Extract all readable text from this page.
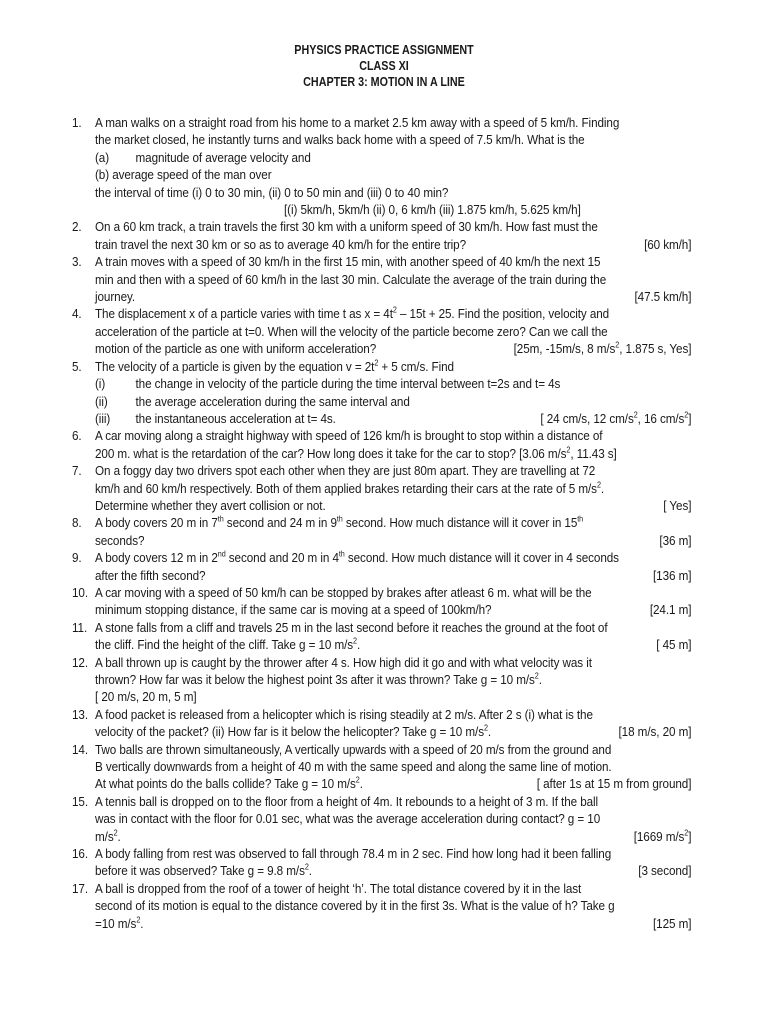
PHYSICS PRACTICE ASSIGNMENT
CLASS XI
CHAPTER 3: MOTION IN A LINE
1.	A man walks on a straight road from his home to a market 2.5 km away with a speed of 5 km/h. Finding
the market closed, he instantly turns and walks back home with a speed of 7.5 km/h. What is the
(a) magnitude of average velocity and
(b) average speed of the man over
the interval of time (i) 0 to 30 min, (ii) 0 to 50 min and (iii) 0 to 40 min?
[(i) 5km/h, 5km/h (ii) 0, 6 km/h (iii) 1.875 km/h, 5.625 km/h]
2.	On a 60 km track, a train travels the first 30 km with a uniform speed of 30 km/h. How fast must the
train travel the next 30 km or so as to average 40 km/h for the entire trip?	[60 km/h]
3.	A train moves with a speed of 30 km/h in the first 15 min, with another speed of 40 km/h the next 15
min and then with a speed of 60 km/h in the last 30 min. Calculate the average of the train during the
journey.	[47.5 km/h]
4.	The displacement x of a particle varies with time t as $x = 4t^2 - 15t + 25$. Find the position, velocity and
acceleration of the particle at t=0. When will the velocity of the particle become zero? Can we call the
motion of the particle as one with uniform acceleration?	[25m, -15m/s, 8 $m/s^2$, 1.875 s, Yes]
5.	The velocity of a particle is given by the equation $v = 2t^2 + 5$ cm/s. Find
(i) the change in velocity of the particle during the time interval between t=2s and t= 4s
(ii) the average acceleration during the same interval and
(iii) the instantaneous acceleration at t= 4s.	[ 24 cm/s, 12 $cm/s^2$, 16 $cm/s^2$]
6.	A car moving along a straight highway with speed of 126 km/h is brought to stop within a distance of
200 m. what is the retardation of the car? How long does it take for the car to stop? [3.06 $m/s^2$, 11.43 s]
7.	On a foggy day two drivers spot each other when they are just 80m apart. They are travelling at 72
km/h and 60 km/h respectively. Both of them applied brakes retarding their cars at the rate of 5 $m/s^2$.
Determine whether they avert collision or not.	[ Yes]
8.	A body covers 20 m in 7th second and 24 m in 9th second. How much distance will it cover in 15th
seconds?	[36 m]
9.	A body covers 12 m in 2nd second and 20 m in 4th second. How much distance will it cover in 4 seconds
after the fifth second?	[136 m]
10. A car moving with a speed of 50 km/h can be stopped by brakes after atleast 6 m. what will be the
minimum stopping distance, if the same car is moving at a speed of 100km/h?	[24.1 m]
11. A stone falls from a cliff and travels 25 m in the last second before it reaches the ground at the foot of
the cliff. Find the height of the cliff. Take g = 10 $m/s^2$.	[ 45 m]
12. A ball thrown up is caught by the thrower after 4 s. How high did it go and with what velocity was it
thrown? How far was it below the highest point 3s after it was thrown? Take g = 10 $m/s^2$.
[ 20 m/s, 20 m, 5 m]
13. A food packet is released from a helicopter which is rising steadily at 2 m/s. After 2 s (i) what is the
velocity of the packet? (ii) How far is it below the helicopter? Take g = 10 $m/s^2$.	[18 m/s, 20 m]
14. Two balls are thrown simultaneously, A vertically upwards with a speed of 20 m/s from the ground and
B vertically downwards from a height of 40 m with the same speed and along the same line of motion.
At what points do the balls collide? Take g = 10 $m/s^2$.	[ after 1s at 15 m from ground]
15. A tennis ball is dropped on to the floor from a height of 4m. It rebounds to a height of 3 m. If the ball
was in contact with the floor for 0.01 sec, what was the average acceleration during contact? g = 10
$m/s^2$.	[1669 $m/s^2$]
16. A body falling from rest was observed to fall through 78.4 m in 2 sec. Find how long had it been falling
before it was observed? Take g = 9.8 $m/s^2$.	[3 second]
17. A ball is dropped from the roof of a tower of height ‘h’. The total distance covered by it in the last
second of its motion is equal to the distance covered by it in the first 3s. What is the value of h? Take g
=10 $m/s^2$.	[125 m]
